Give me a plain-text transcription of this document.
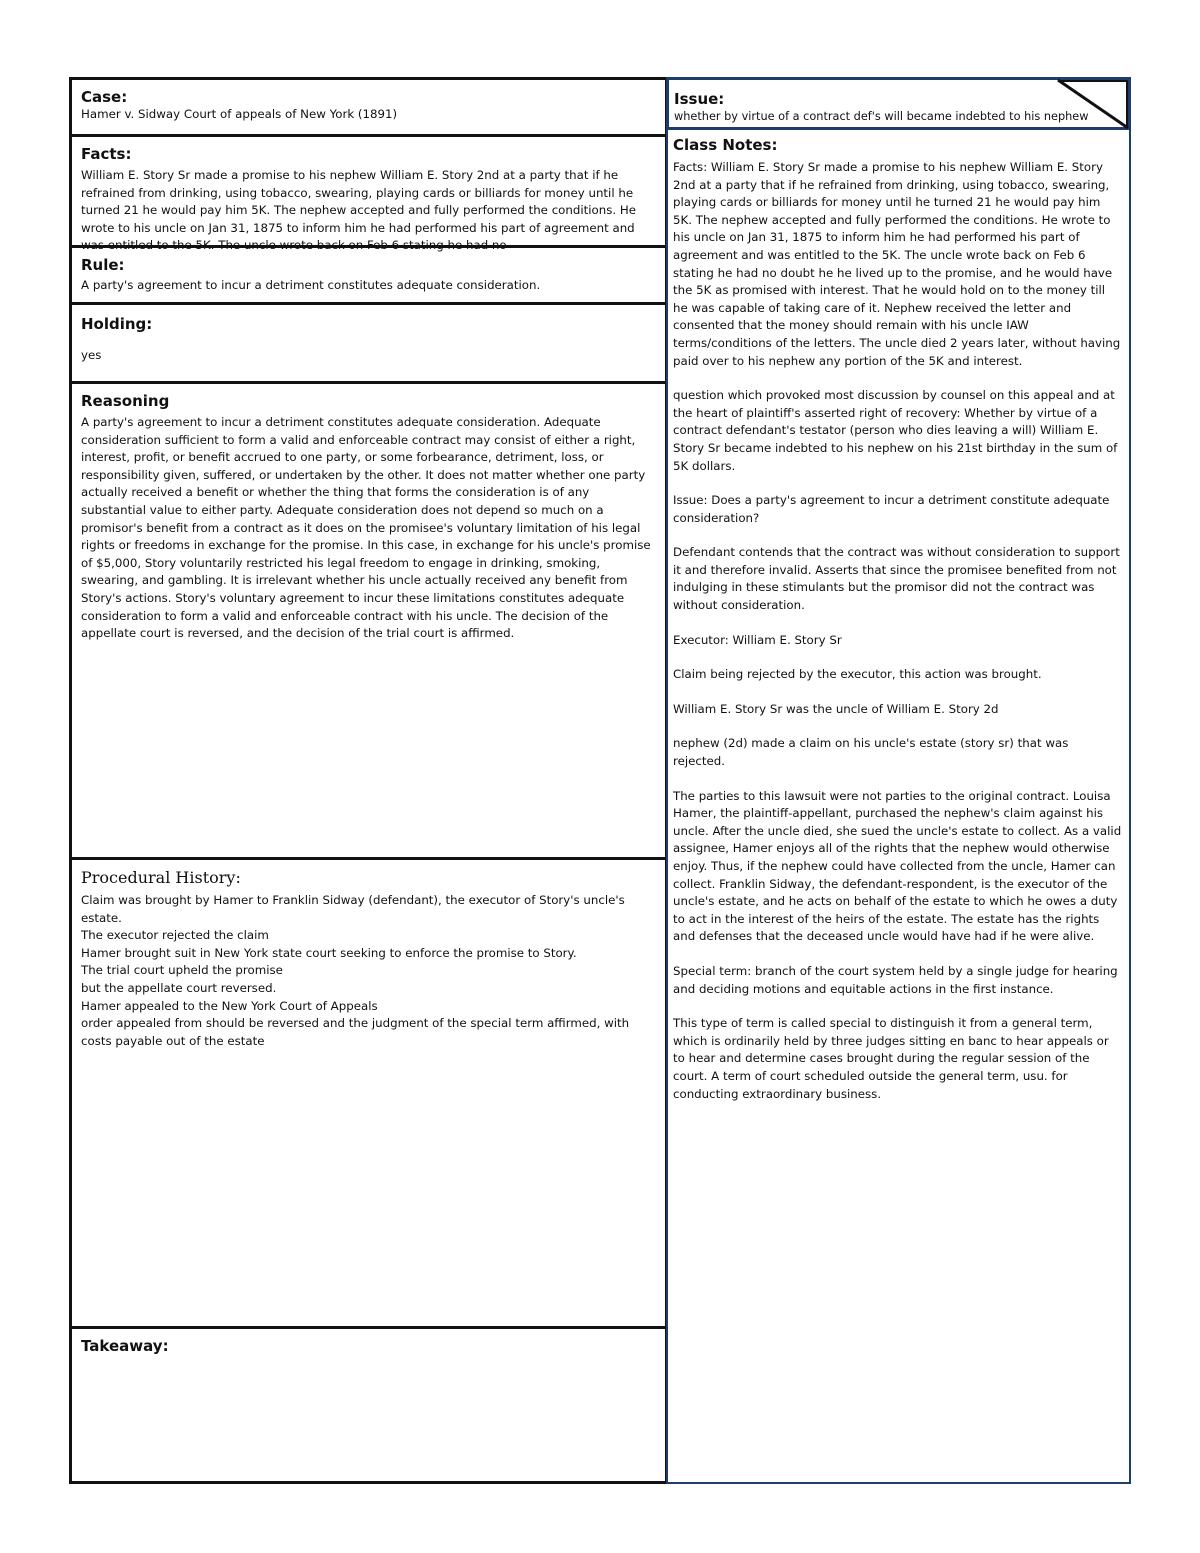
Case:
Hamer v. Sidway Court of appeals of New York (1891)
Facts:
William E. Story Sr made a promise to his nephew William E. Story 2nd at a party that if he refrained from drinking, using tobacco, swearing, playing cards or billiards for money until he turned 21 he would pay him 5K. The nephew accepted and fully performed the conditions. He wrote to his uncle on Jan 31, 1875 to inform him he had performed his part of agreement and was entitled to the 5K. The uncle wrote back on Feb 6 stating he had no
Rule:
A party's agreement to incur a detriment constitutes adequate consideration.
Holding:
yes
Reasoning
A party's agreement to incur a detriment constitutes adequate consideration. Adequate consideration sufficient to form a valid and enforceable contract may consist of either a right, interest, profit, or benefit accrued to one party, or some forbearance, detriment, loss, or responsibility given, suffered, or undertaken by the other. It does not matter whether one party actually received a benefit or whether the thing that forms the consideration is of any substantial value to either party. Adequate consideration does not depend so much on a promisor's benefit from a contract as it does on the promisee's voluntary limitation of his legal rights or freedoms in exchange for the promise. In this case, in exchange for his uncle's promise of $5,000, Story voluntarily restricted his legal freedom to engage in drinking, smoking, swearing, and gambling. It is irrelevant whether his uncle actually received any benefit from Story's actions. Story's voluntary agreement to incur these limitations constitutes adequate consideration to form a valid and enforceable contract with his uncle. The decision of the appellate court is reversed, and the decision of the trial court is affirmed.
Procedural History:
Claim was brought by Hamer to Franklin Sidway (defendant), the executor of Story's uncle's estate.
The executor rejected the claim
Hamer brought suit in New York state court seeking to enforce the promise to Story.
The trial court upheld the promise
but the appellate court reversed.
Hamer appealed to the New York Court of Appeals
order appealed from should be reversed and the judgment of the special term affirmed, with costs payable out of the estate
Takeaway:
Issue:
whether by virtue of a contract def's will became indebted to his nephew
Class Notes:

Facts: William E. Story Sr made a promise to his nephew William E. Story 2nd at a party that if he refrained from drinking, using tobacco, swearing, playing cards or billiards for money until he turned 21 he would pay him 5K. The nephew accepted and fully performed the conditions. He wrote to his uncle on Jan 31, 1875 to inform him he had performed his part of agreement and was entitled to the 5K. The uncle wrote back on Feb 6 stating he had no doubt he he lived up to the promise, and he would have the 5K as promised with interest. That he would hold on to the money till he was capable of taking care of it. Nephew received the letter and consented that the money should remain with his uncle IAW terms/conditions of the letters. The uncle died 2 years later, without having paid over to his nephew any portion of the 5K and interest.

question which provoked most discussion by counsel on this appeal and at the heart of plaintiff's asserted right of recovery: Whether by virtue of a contract defendant's testator (person who dies leaving a will) William E. Story Sr became indebted to his nephew on his 21st birthday in the sum of 5K dollars.

Issue: Does a party's agreement to incur a detriment constitute adequate consideration?

Defendant contends that the contract was without consideration to support it and therefore invalid. Asserts that since the promisee benefited from not indulging in these stimulants but the promisor did not the contract was without consideration.

Executor: William E. Story Sr

Claim being rejected by the executor, this action was brought.

William E. Story Sr was the uncle of William E. Story 2d

nephew (2d) made a claim on his uncle's estate (story sr) that was rejected.

The parties to this lawsuit were not parties to the original contract. Louisa Hamer, the plaintiff-appellant, purchased the nephew's claim against his uncle. After the uncle died, she sued the uncle's estate to collect. As a valid assignee, Hamer enjoys all of the rights that the nephew would otherwise enjoy. Thus, if the nephew could have collected from the uncle, Hamer can collect. Franklin Sidway, the defendant-respondent, is the executor of the uncle's estate, and he acts on behalf of the estate to which he owes a duty to act in the interest of the heirs of the estate. The estate has the rights and defenses that the deceased uncle would have had if he were alive.

Special term: branch of the court system held by a single judge for hearing and deciding motions and equitable actions in the first instance.

This type of term is called special to distinguish it from a general term, which is ordinarily held by three judges sitting en banc to hear appeals or to hear and determine cases brought during the regular session of the court. A term of court scheduled outside the general term, usu. for conducting extraordinary business.
